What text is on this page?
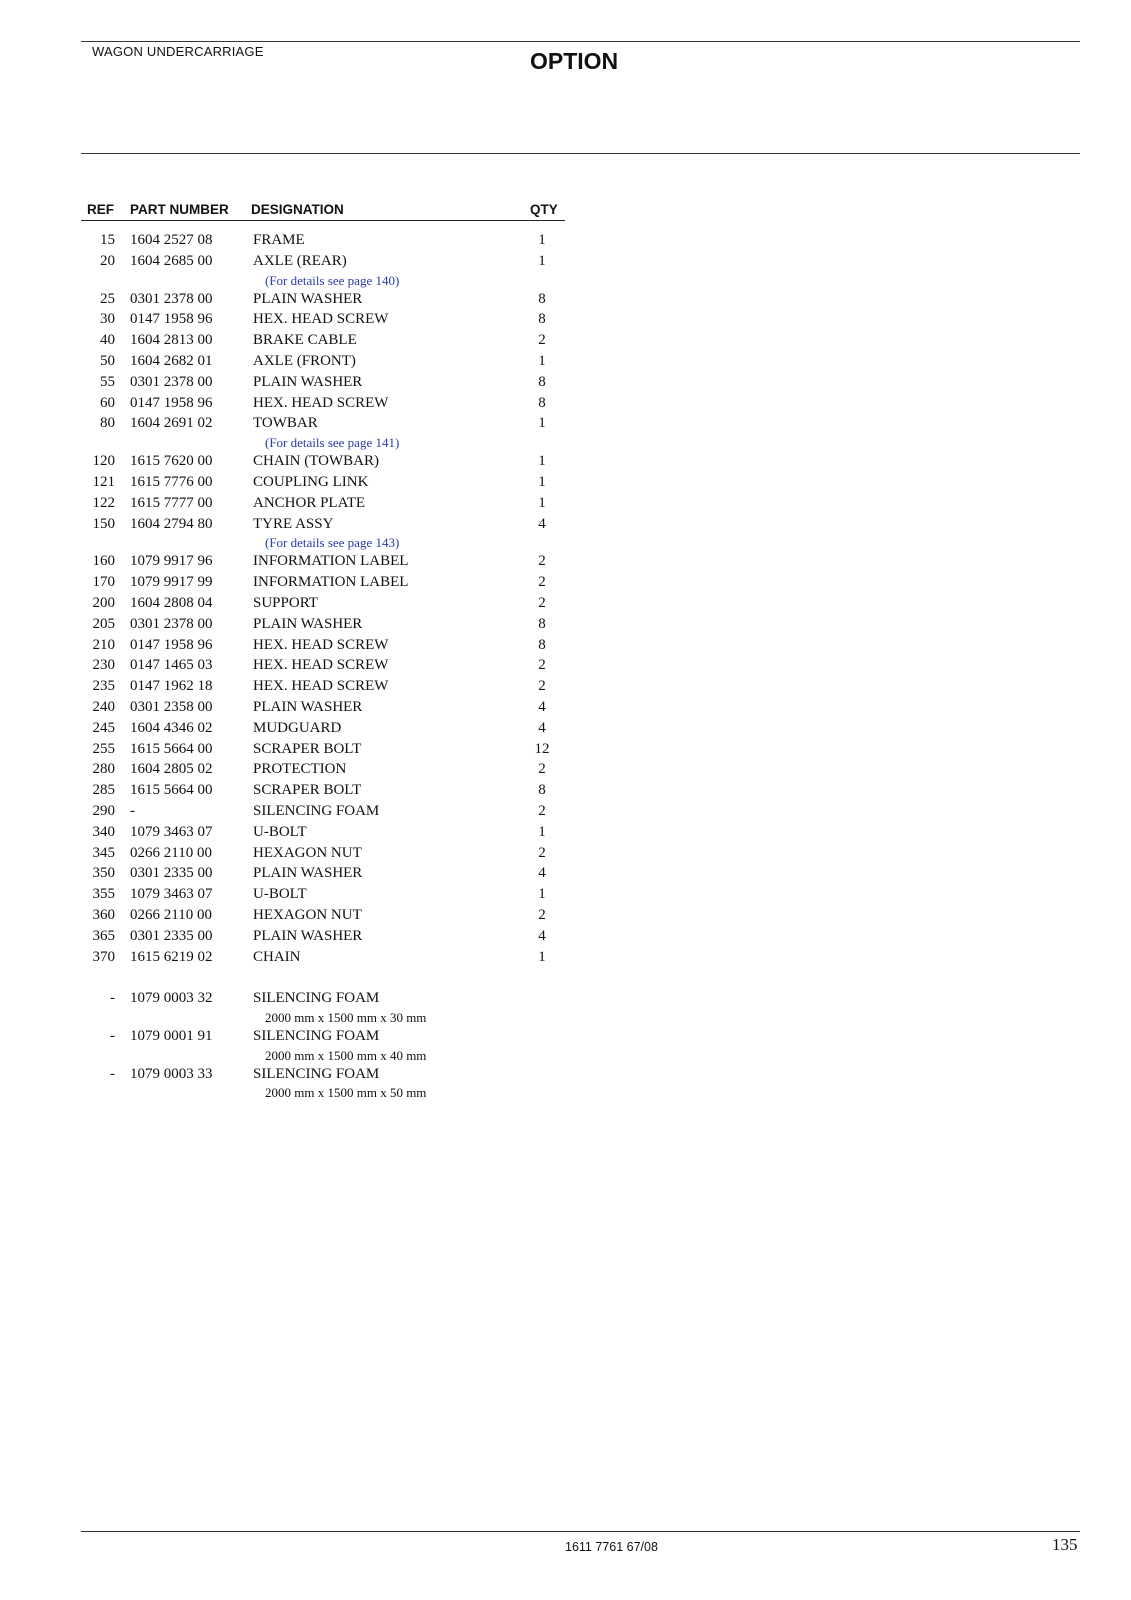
WAGON UNDERCARRIAGE	OPTION
REF PART NUMBER DESIGNATION	QTY
15 1604 2527 08	FRAME	1
20 1604 2685 00	AXLE (REAR)	1
(For details see page 140)
25 0301 2378 00	PLAIN WASHER	8
30 0147 1958 96	HEX. HEAD SCREW	8
40 1604 2813 00	BRAKE CABLE	2
50 1604 2682 01	AXLE (FRONT)	1
55 0301 2378 00	PLAIN WASHER	8
60 0147 1958 96	HEX. HEAD SCREW	8
80 1604 2691 02	TOWBAR	1
(For details see page 141)
120 1615 7620 00	CHAIN (TOWBAR)	1
121 1615 7776 00	COUPLING LINK	1
122 1615 7777 00	ANCHOR PLATE	1
150 1604 2794 80	TYRE ASSY	4
(For details see page 143)
160 1079 9917 96	INFORMATION LABEL	2
170 1079 9917 99	INFORMATION LABEL	2
200 1604 2808 04	SUPPORT	2
205 0301 2378 00	PLAIN WASHER	8
210 0147 1958 96	HEX. HEAD SCREW	8
230 0147 1465 03	HEX. HEAD SCREW	2
235 0147 1962 18	HEX. HEAD SCREW	2
240 0301 2358 00	PLAIN WASHER	4
245 1604 4346 02	MUDGUARD	4
255 1615 5664 00	SCRAPER BOLT	12
280 1604 2805 02	PROTECTION	2
285 1615 5664 00	SCRAPER BOLT	8
290 -	SILENCING FOAM	2
340 1079 3463 07	U-BOLT	1
345 0266 2110 00	HEXAGON NUT	2
350 0301 2335 00	PLAIN WASHER	4
355 1079 3463 07	U-BOLT	1
360 0266 2110 00	HEXAGON NUT	2
365 0301 2335 00	PLAIN WASHER	4
370 1615 6219 02	CHAIN	1
- 1079 0003 32	SILENCING FOAM
2000 mm x 1500 mm x 30 mm
- 1079 0001 91	SILENCING FOAM
2000 mm x 1500 mm x 40 mm
- 1079 0003 33	SILENCING FOAM
2000 mm x 1500 mm x 50 mm
1611 7761 67/08	135
